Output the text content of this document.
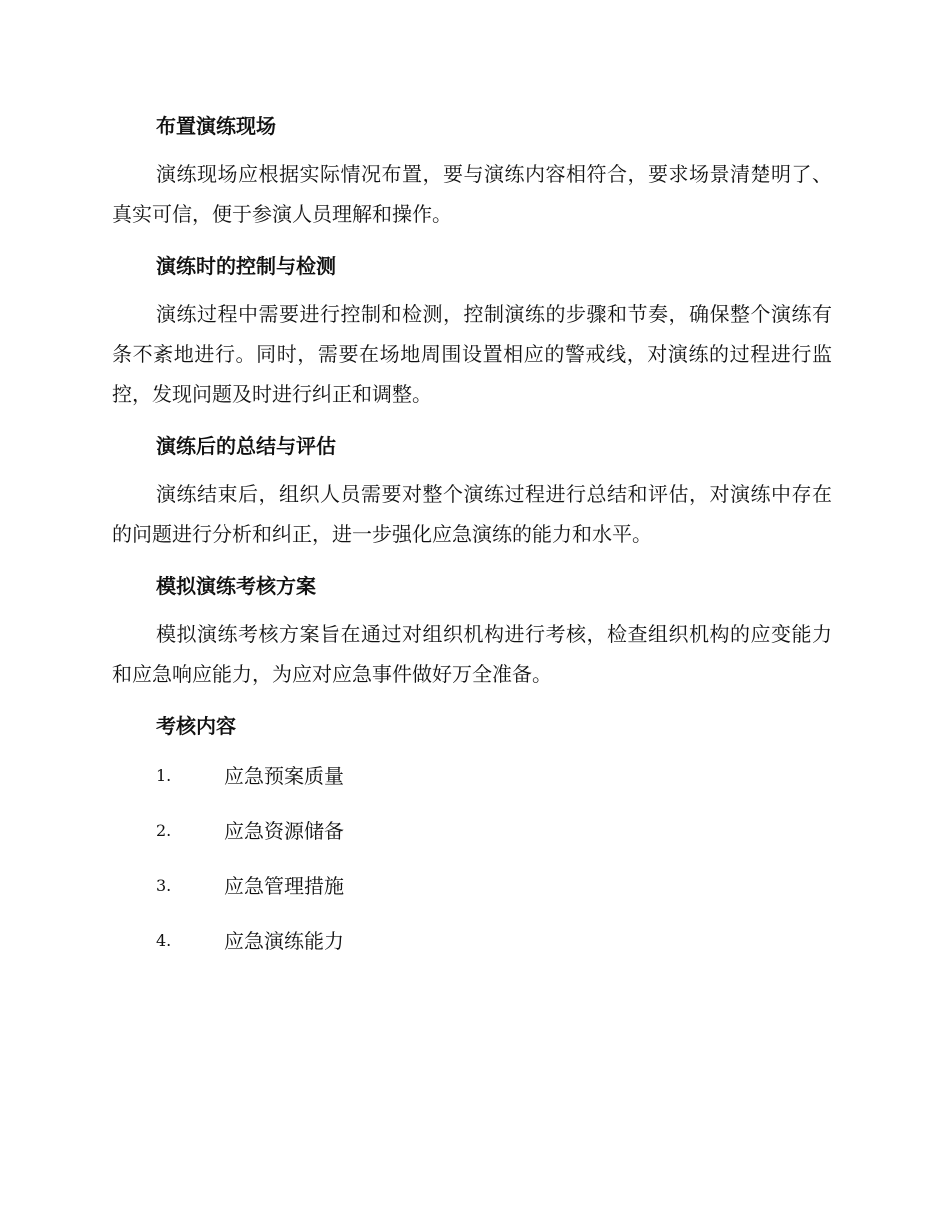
布置演练现场

演练现场应根据实际情况布置，要与演练内容相符合，要求场景清楚明了、真实可信，便于参演人员理解和操作。

演练时的控制与检测

演练过程中需要进行控制和检测，控制演练的步骤和节奏，确保整个演练有条不紊地进行。同时，需要在场地周围设置相应的警戒线，对演练的过程进行监控，发现问题及时进行纠正和调整。

演练后的总结与评估

演练结束后，组织人员需要对整个演练过程进行总结和评估，对演练中存在的问题进行分析和纠正，进一步强化应急演练的能力和水平。

模拟演练考核方案

模拟演练考核方案旨在通过对组织机构进行考核，检查组织机构的应变能力和应急响应能力，为应对应急事件做好万全准备。

考核内容
1.	应急预案质量
2.	应急资源储备
3.	应急管理措施
4.	应急演练能力
